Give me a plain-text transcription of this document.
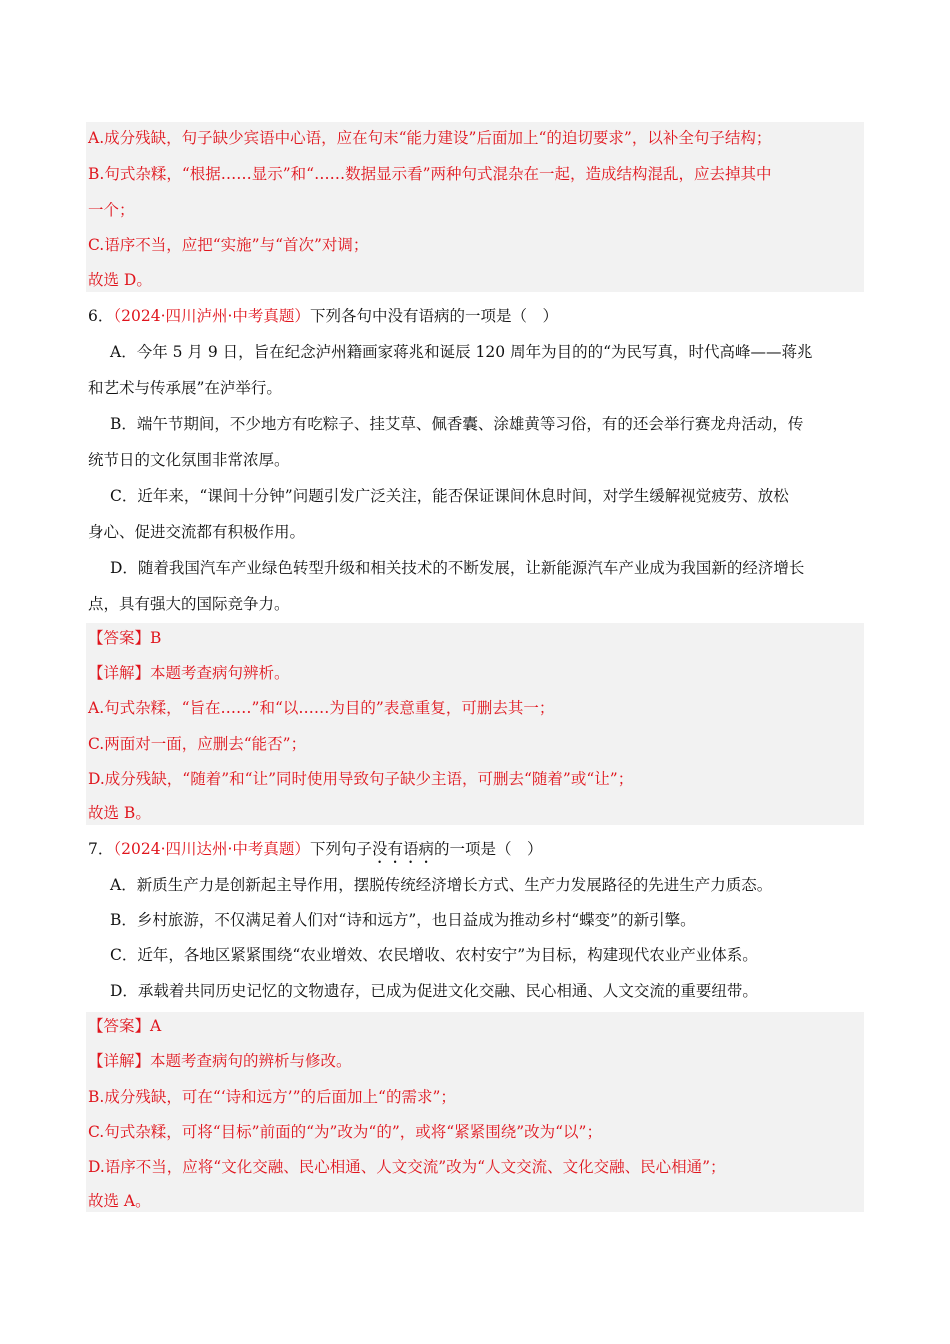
A.成分残缺，句子缺少宾语中心语，应在句末“能力建设”后面加上“的迫切要求”，以补全句子结构；
B.句式杂糅，“根据……显示”和“……数据显示看”两种句式混杂在一起，造成结构混乱，应去掉其中
一个；
C.语序不当，应把“实施”与“首次”对调；
故选 D。
6．（2024·四川泸州·中考真题）下列各句中没有语病的一项是（　）
A．今年 5 月 9 日，旨在纪念泸州籍画家蒋兆和诞辰 120 周年为目的的“为民写真，时代高峰——蒋兆
和艺术与传承展”在泸举行。
B．端午节期间，不少地方有吃粽子、挂艾草、佩香囊、涂雄黄等习俗，有的还会举行赛龙舟活动，传
统节日的文化氛围非常浓厚。
C．近年来，“课间十分钟”问题引发广泛关注，能否保证课间休息时间，对学生缓解视觉疲劳、放松
身心、促进交流都有积极作用。
D．随着我国汽车产业绿色转型升级和相关技术的不断发展，让新能源汽车产业成为我国新的经济增长
点，具有强大的国际竞争力。
【答案】B
【详解】本题考查病句辨析。
A.句式杂糅，“旨在……”和“以……为目的”表意重复，可删去其一；
C.两面对一面，应删去“能否”；
D.成分残缺，“随着”和“让”同时使用导致句子缺少主语，可删去“随着”或“让”；
故选 B。
7．（2024·四川达州·中考真题）下列句子没有语病的一项是（　）
A．新质生产力是创新起主导作用，摆脱传统经济增长方式、生产力发展路径的先进生产力质态。
B．乡村旅游，不仅满足着人们对“诗和远方”，也日益成为推动乡村“蝶变”的新引擎。
C．近年，各地区紧紧围绕“农业增效、农民增收、农村安宁”为目标，构建现代农业产业体系。
D．承载着共同历史记忆的文物遗存，已成为促进文化交融、民心相通、人文交流的重要纽带。
【答案】A
【详解】本题考查病句的辨析与修改。
B.成分残缺，可在“‘诗和远方’”的后面加上“的需求”；
C.句式杂糅，可将“目标”前面的“为”改为“的”，或将“紧紧围绕”改为“以”；
D.语序不当，应将“文化交融、民心相通、人文交流”改为“人文交流、文化交融、民心相通”；
故选 A。
